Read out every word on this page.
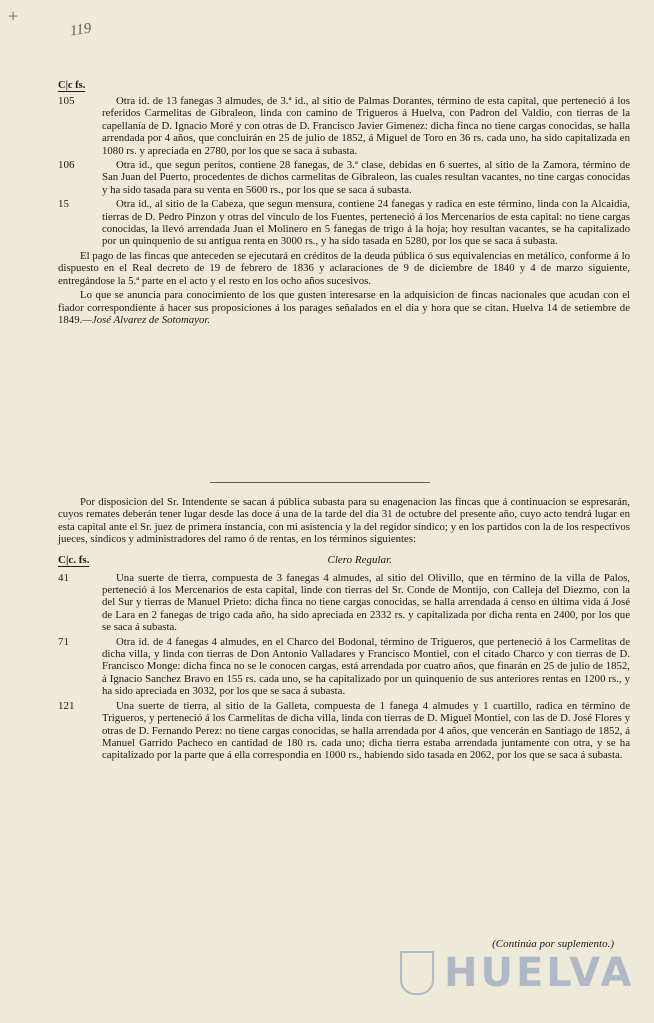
+
119
C|c fs.
105	Otra id. de 13 fanegas 3 almudes, de 3.ª id., al sitio de Palmas Dorantes, término de esta capital, que perteneció á los referidos Carmelitas de Gibraleon, linda con camino de Trigueros á Huelva, con Padron del Valdio, con tierras de la capellanía de D. Ignacio Moré y con otras de D. Francisco Javier Gimenez: dicha finca no tiene cargas conocidas, se halla arrendada por 4 años, que concluirán en 25 de julio de 1852, á Miguel de Toro en 36 rs. cada uno, ha sido capitalizada en 1080 rs. y apreciada en 2780, por los que se saca á subasta.
106	Otra id., que segun peritos, contiene 28 fanegas, de 3.ª clase, debidas en 6 suertes, al sitio de la Zamora, término de San Juan del Puerto, procedentes de dichos carmelitas de Gibraleon, las cuales resultan vacantes, no tine cargas conocidas y ha sido tasada para su venta en 5600 rs., por los que se saca á subasta.
15	Otra id., al sitio de la Cabeza, que segun mensura, contiene 24 fanegas y radica en este término, linda con la Alcaidia, tierras de D. Pedro Pinzon y otras del vinculo de los Fuentes, perteneció á los Mercenarios de esta capital: no tiene cargas conocidas, la llevó arrendada Juan el Molinero en 5 fanegas de trigo á la hoja; hoy resultan vacantes, se ha capitalizado por un quinquenio de su antigua renta en 3000 rs., y ha sido tasada en 5280, por los que se saca á subasta.

El pago de las fincas que anteceden se ejecutará en créditos de la deuda pública ó sus equivalencias en metálico, conforme á lo dispuesto en el Real decreto de 19 de febrero de 1836 y aclaraciones de 9 de diciembre de 1840 y 4 de marzo siguiente, entregándose la 5.ª parte en el acto y el resto en los ocho años sucesivos.

Lo que se anuncia para conocimiento de los que gusten interesarse en la adquisicion de fincas nacionales que acudan con el fiador correspondiente á hacer sus proposiciones á los parages señalados en el dia y hora que se citan. Huelva 14 de setiembre de 1849.—José Alvarez de Sotomayor.

Por disposicion del Sr. Intendente se sacan á pública subasta para su enagenacion las fincas que á continuacion se espresarán, cuyos remates deberán tener lugar desde las doce á una de la tarde del dia 31 de octubre del presente año, cuyo acto tendrá lugar en esta capital ante el Sr. juez de primera instancia, con mi asistencia y la del regidor síndico; y en los partidos con la de los respectivos jueces, síndicos y administradores del ramo ó de rentas, en los términos siguientes:

C|c. fs.	Clero Regular.
41	Una suerte de tierra, compuesta de 3 fanegas 4 almudes, al sitio del Olivillo, que en término de la villa de Palos, perteneció á los Mercenarios de esta capital, linde con tierras del Sr. Conde de Montijo, con Calleja del Diezmo, con la del Sur y tierras de Manuel Prieto: dicha finca no tiene cargas conocidas, se halla arrendada á censo en última vida á José de Lara en 2 fanegas de trigo cada año, ha sido apreciada en 2332 rs. y capitalizada por dicha renta en 2400, por los que se saca á subasta.
71	Otra id. de 4 fanegas 4 almudes, en el Charco del Bodonal, término de Trigueros, que perteneció á los Carmelitas de dicha villa, y linda con tierras de Don Antonio Valladares y Francisco Montiel, con el citado Charco y con tierras de D. Francisco Monge: dicha finca no se le conocen cargas, está arrendada por cuatro años, que finarán en 25 de julio de 1852, á Ignacio Sanchez Bravo en 155 rs. cada uno, se ha capitalizado por un quinquenio de sus anteriores rentas en 1200 rs., y ha sido apreciada en 3032, por los que se saca á subasta.
121	Una suerte de tierra, al sitio de la Galleta, compuesta de 1 fanega 4 almudes y 1 cuartillo, radica en término de Trigueros, y perteneció á los Carmelitas de dicha villa, linda con tierras de D. Miguel Montiel, con las de D. José Flores y otras de D. Fernando Perez: no tiene cargas conocidas, se halla arrendada por 4 años, que vencerán en Santiago de 1852, á Manuel Garrido Pacheco en cantidad de 180 rs. cada uno; dicha tierra estaba arrendada juntamente con otra, y se ha capitalizado por la parte que á ella correspondia en 1000 rs., habiendo sido tasada en 2062, por los que se saca á subasta.
(Continúa por suplemento.)
HUELVA
